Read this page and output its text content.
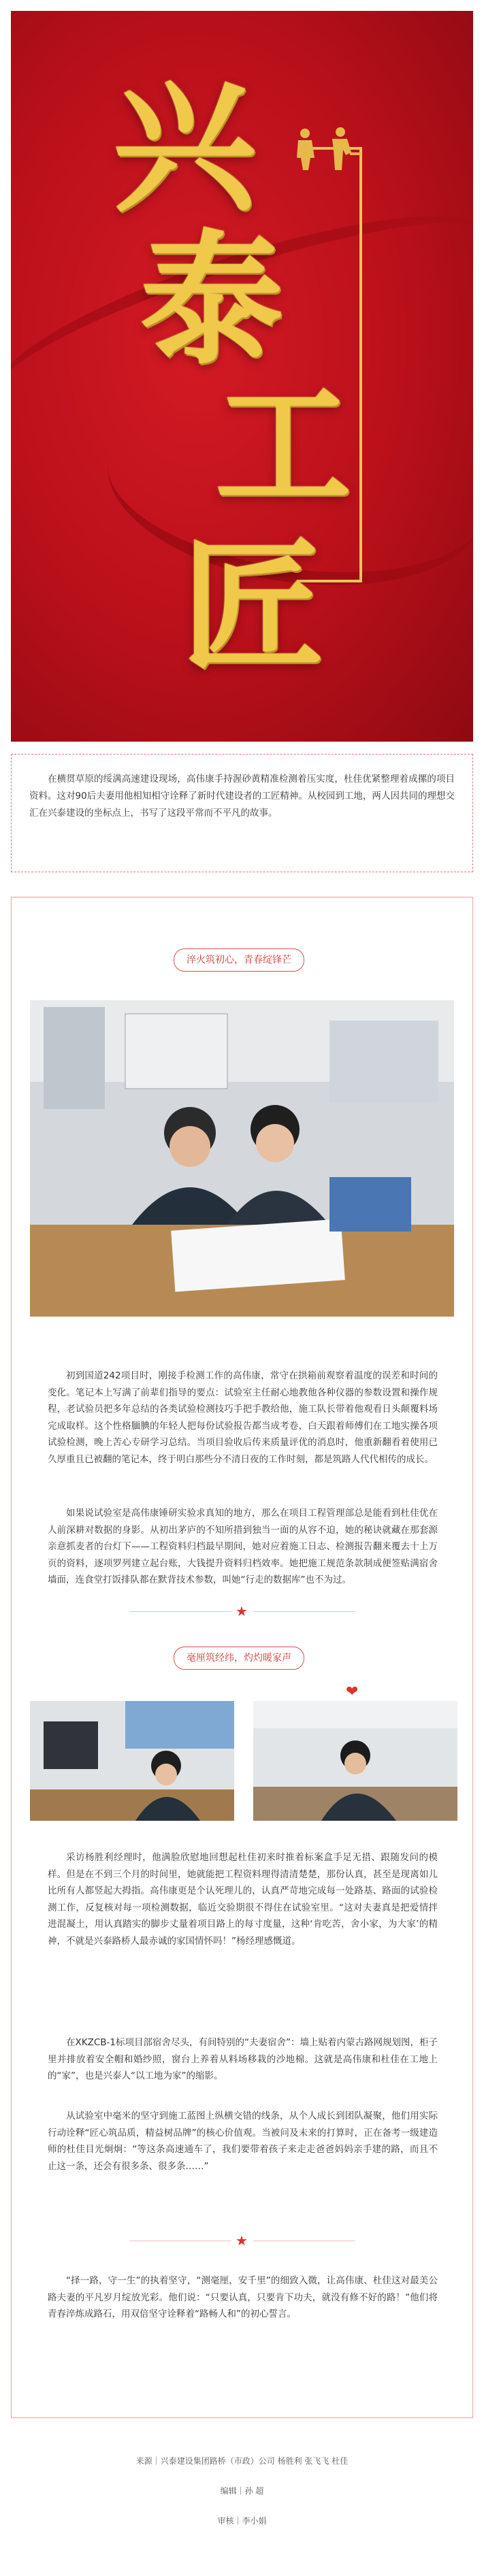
兴
泰
工
匠

在横贯草原的绥满高速建设现场，高伟康手持渥砂黄精准检测着压实度，杜佳优紧整理着成摞的项目资料。这对90后夫妻用他相知相守诠释了新时代建设者的工匠精神。从校园到工地，两人因共同的理想交汇在兴泰建设的坐标点上，书写了这段平常而不平凡的故事。

淬火筑初心，青春绽锋芒

初到国道242项目时，刚接手检测工作的高伟康，常守在拱箱前观察着温度的误差和时间的变化。笔记本上写满了前辈们指导的要点：试验室主任耐心地教他各种仪器的参数设置和操作规程，老试验员把多年总结的各类试验检测技巧手把手教给他，施工队长带着他观看日头颠覆料场完成取样。这个性格腼腆的年轻人把每份试验报告都当成考卷，白天跟着师傅们在工地实操各项试验检测，晚上苦心专研学习总结。当项目验收后传来质量评优的消息时，他重新翻看着使用已久厚重且已被翻的笔记本，终于明白那些分不清日夜的工作时刻，都是筑路人代代相传的成长。

如果说试验室是高伟康锤研实验求真知的地方，那么在项目工程管理部总是能看到杜佳优在人前深耕对数据的身影。从初出茅庐的不知所措到独当一面的从容不迫，她的秘诀就藏在那套源亲意抓麦者的台灯下——工程资料归档最早期间，她对应着施工日志、检测报告翻来覆去十上万页的资料，逐项罗列建立起台账，大钱提升资料归档效率。她把施工规范条款制成便签贴满宿舍墙面，连食堂打饭排队都在默背技术参数，叫她“行走的数据库”也不为过。

★
毫厘筑经纬，灼灼暖家声
❤

采访杨胜利经理时，他满脸欣慰地回想起杜佳初来时推着标案盒手足无措、跟随发问的模样。但是在不到三个月的时间里，她就能把工程资料理得清清楚楚，那份认真，甚至是现离如儿比所有人都竖起大拇指。高伟康更是个认死理儿的，认真严苛地完成每一处路基、路面的试验检测工作，反复核对每一项检测数据，临近交验期很不得住在试验室里。“这对夫妻真是把爱情拌进混凝土，用认真踏实的脚步丈量着项目路上的每寸度量，这种‘肯吃苦，舍小家，为大家’的精神，不就是兴泰路桥人最赤诚的家国情怀吗！”杨经理感慨道。

在XKZCB-1标项目部宿舍尽头，有间特别的“夫妻宿舍”：墙上贴着内蒙古路网规划图，柜子里并排放着安全帽和婚纱照，窗台上养着从料场移栽的沙地棉。这就是高伟康和杜佳在工地上的“家”，也是兴泰人“以工地为家”的缩影。

从试验室中毫米的坚守到施工蓝图上纵横交错的线条，从个人成长到团队凝聚，他们用实际行动诠释“匠心筑品质，精益树品牌”的核心价值观。当被问及未来的打算时，正在备考一级建造师的杜佳目光炯炯：“等这条高速通车了，我们要带着孩子来走走爸爸妈妈亲手建的路，而且不止这一条，还会有很多条、很多条……”

★

“择一路，守一生”的执着坚守，“测毫厘，安千里”的细致入微，让高伟康、杜佳这对最美公路夫妻的平凡岁月绽放光彩。他们说：“只要认真，只要肯下功夫，就没有修不好的路！”他们将青春淬炼成路石，用双倍坚守诠释着“路畅人和”的初心誓言。

来源｜兴泰建设集团路桥（市政）公司 杨胜利 张飞飞 杜佳
编辑｜孙 超
审核｜李小娟
